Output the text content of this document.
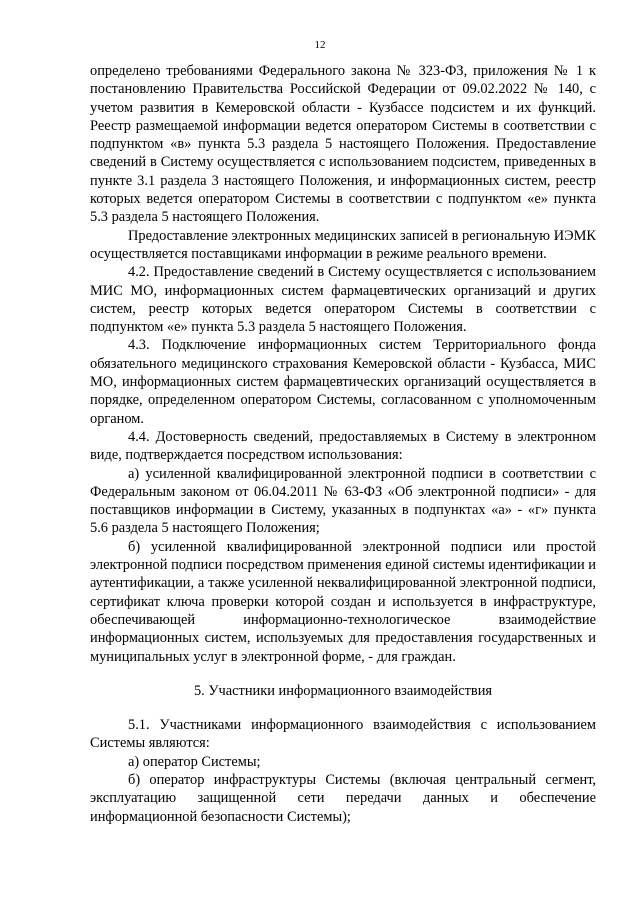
12

определено требованиями Федерального закона № 323-ФЗ, приложения № 1 к постановлению Правительства Российской Федерации от 09.02.2022 № 140, с учетом развития в Кемеровской области - Кузбассе подсистем и их функций. Реестр размещаемой информации ведется оператором Системы в соответствии с подпунктом «в» пункта 5.3 раздела 5 настоящего Положения. Предоставление сведений в Систему осуществляется с использованием подсистем, приведенных в пункте 3.1 раздела 3 настоящего Положения, и информационных систем, реестр которых ведется оператором Системы в соответствии с подпунктом «е» пункта 5.3 раздела 5 настоящего Положения.

Предоставление электронных медицинских записей в региональную ИЭМК осуществляется поставщиками информации в режиме реального времени.

4.2. Предоставление сведений в Систему осуществляется с использованием МИС МО, информационных систем фармацевтических организаций и других систем, реестр которых ведется оператором Системы в соответствии с подпунктом «е» пункта 5.3 раздела 5 настоящего Положения.

4.3. Подключение информационных систем Территориального фонда обязательного медицинского страхования Кемеровской области - Кузбасса, МИС МО, информационных систем фармацевтических организаций осуществляется в порядке, определенном оператором Системы, согласованном с уполномоченным органом.

4.4. Достоверность сведений, предоставляемых в Систему в электронном виде, подтверждается посредством использования:

а) усиленной квалифицированной электронной подписи в соответствии с Федеральным законом от 06.04.2011 № 63-ФЗ «Об электронной подписи» - для поставщиков информации в Систему, указанных в подпунктах «а» - «г» пункта 5.6 раздела 5 настоящего Положения;

б) усиленной квалифицированной электронной подписи или простой электронной подписи посредством применения единой системы идентификации и аутентификации, а также усиленной неквалифицированной электронной подписи, сертификат ключа проверки которой создан и используется в инфраструктуре, обеспечивающей информационно-технологическое взаимодействие информационных систем, используемых для предоставления государственных и муниципальных услуг в электронной форме, - для граждан.

5. Участники информационного взаимодействия

5.1. Участниками информационного взаимодействия с использованием Системы являются:

а) оператор Системы;

б) оператор инфраструктуры Системы (включая центральный сегмент, эксплуатацию защищенной сети передачи данных и обеспечение информационной безопасности Системы);
